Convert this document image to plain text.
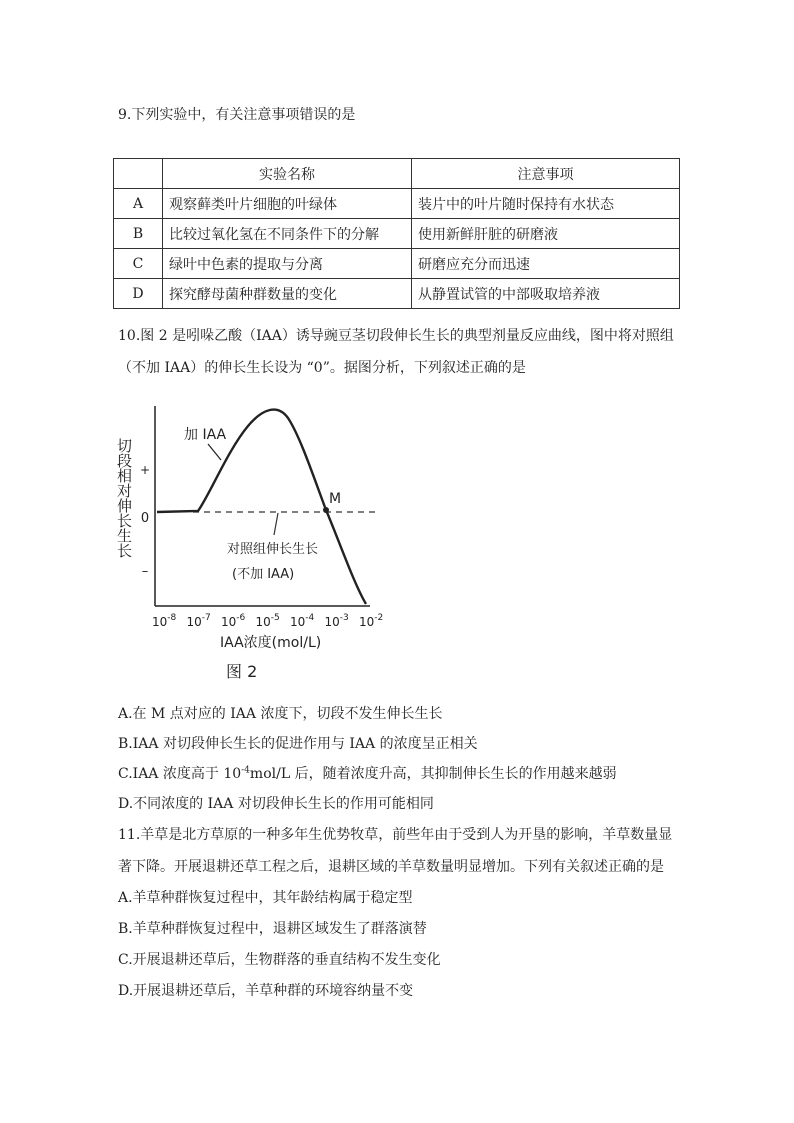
9.下列实验中，有关注意事项错误的是
	实验名称	注意事项
A	观察藓类叶片细胞的叶绿体	装片中的叶片随时保持有水状态
B	比较过氧化氢在不同条件下的分解	使用新鲜肝脏的研磨液
C	绿叶中色素的提取与分离	研磨应充分而迅速
D	探究酵母菌种群数量的变化	从静置试管的中部吸取培养液
10.图 2 是吲哚乙酸（IAA）诱导豌豆茎切段伸长生长的典型剂量反应曲线，图中将对照组
（不加 IAA）的伸长生长设为 “0”。据图分析，下列叙述正确的是
切段相对伸长生长 +
0
–
M
加 IAA
对照组伸长生长
(不加 IAA)
$10^{-8}$ $10^{-7}$ $10^{-6}$ $10^{-5}$ $10^{-4}$ $10^{-3}$ $10^{-2}$
IAA浓度(mol/L)
图 2
A.在 M 点对应的 IAA 浓度下，切段不发生伸长生长
B.IAA 对切段伸长生长的促进作用与 IAA 的浓度呈正相关
C.IAA 浓度高于 $10^{-4}mol/L$ 后，随着浓度升高，其抑制伸长生长的作用越来越弱
D.不同浓度的 IAA 对切段伸长生长的作用可能相同
11.羊草是北方草原的一种多年生优势牧草，前些年由于受到人为开垦的影响，羊草数量显
著下降。开展退耕还草工程之后，退耕区域的羊草数量明显增加。下列有关叙述正确的是
A.羊草种群恢复过程中，其年龄结构属于稳定型
B.羊草种群恢复过程中，退耕区域发生了群落演替
C.开展退耕还草后，生物群落的垂直结构不发生变化
D.开展退耕还草后，羊草种群的环境容纳量不变
